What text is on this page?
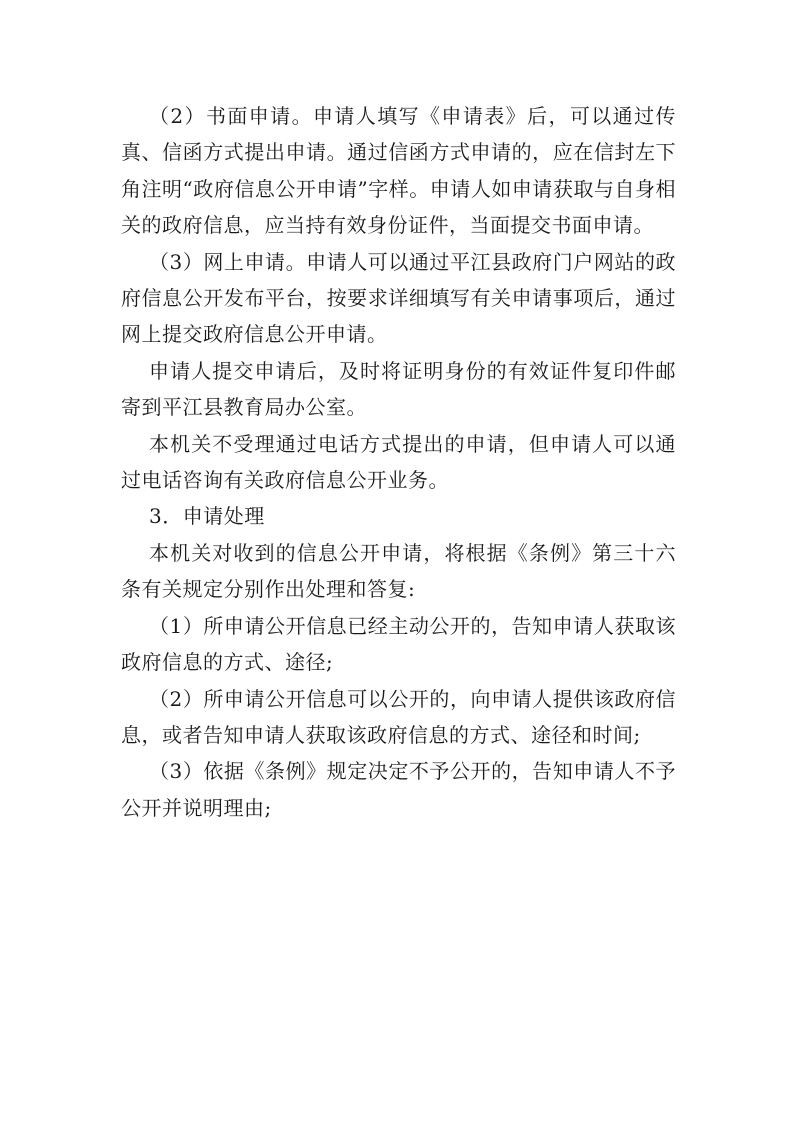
（2）书面申请。申请人填写《申请表》后，可以通过传真、信函方式提出申请。通过信函方式申请的，应在信封左下角注明“政府信息公开申请”字样。申请人如申请获取与自身相关的政府信息，应当持有效身份证件，当面提交书面申请。

（3）网上申请。申请人可以通过平江县政府门户网站的政府信息公开发布平台，按要求详细填写有关申请事项后，通过网上提交政府信息公开申请。

申请人提交申请后，及时将证明身份的有效证件复印件邮寄到平江县教育局办公室。

本机关不受理通过电话方式提出的申请，但申请人可以通过电话咨询有关政府信息公开业务。

3．申请处理

本机关对收到的信息公开申请，将根据《条例》第三十六条有关规定分别作出处理和答复:

（1）所申请公开信息已经主动公开的，告知申请人获取该政府信息的方式、途径;

（2）所申请公开信息可以公开的，向申请人提供该政府信息，或者告知申请人获取该政府信息的方式、途径和时间;

（3）依据《条例》规定决定不予公开的，告知申请人不予公开并说明理由;
